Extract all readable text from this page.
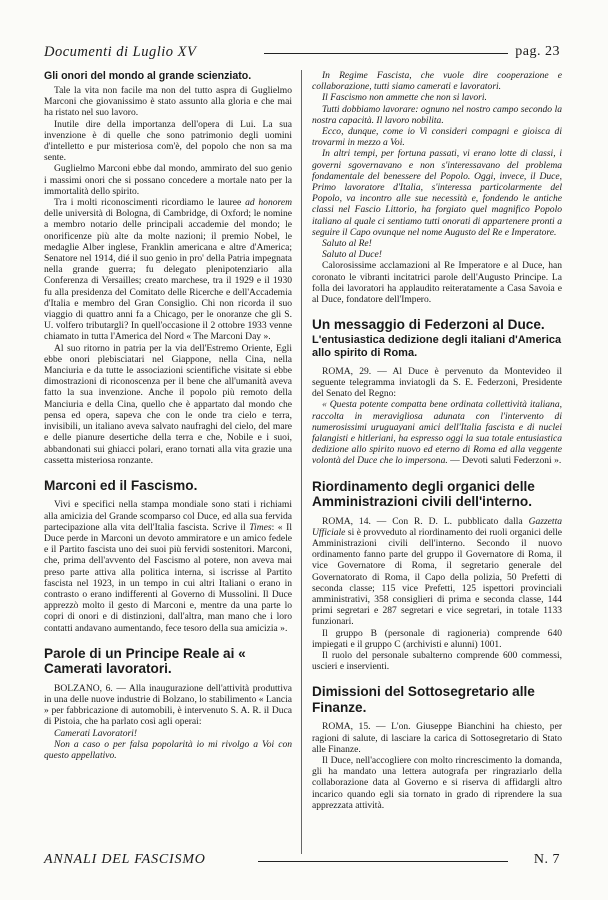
Documenti di Luglio XV	pag. 23
Gli onori del mondo al grande scienziato.

Tale la vita non facile ma non del tutto aspra di Guglielmo Marconi che giovanissimo è stato assunto alla gloria e che mai ha ristato nel suo lavoro.

Inutile dire della importanza dell'opera di Lui. La sua invenzione è di quelle che sono patrimonio degli uomini d'intelletto e pur misteriosa com'è, del popolo che non sa ma sente.

Guglielmo Marconi ebbe dal mondo, ammirato del suo genio i massimi onori che si possano concedere a mortale nato per la immortalità dello spirito.

Tra i molti riconoscimenti ricordiamo le lauree ad honorem delle università di Bologna, di Cambridge, di Oxford; le nomine a membro notario delle principali accademie del mondo; le onorificenze più alte da molte nazioni; il premio Nobel, le medaglie Alber inglese, Franklin americana e altre d'America; Senatore nel 1914, dié il suo genio in pro' della Patria impegnata nella grande guerra; fu delegato plenipotenziario alla Conferenza di Versailles; creato marchese, tra il 1929 e il 1930 fu alla presidenza del Comitato delle Ricerche e dell'Accademia d'Italia e membro del Gran Consiglio. Chi non ricorda il suo viaggio di quattro anni fa a Chicago, per le onoranze che gli S. U. volfero tributargli? In quell'occasione il 2 ottobre 1933 venne chiamato in tutta l'America del Nord « The Marconi Day ».

Al suo ritorno in patria per la via dell'Estremo Oriente, Egli ebbe onori plebisciatari nel Giappone, nella Cina, nella Manciuria e da tutte le associazioni scientifiche visitate si ebbe dimostrazioni di riconoscenza per il bene che all'umanità aveva fatto la sua invenzione. Anche il popolo più remoto della Manciuria e della Cina, quello che è appartato dal mondo che pensa ed opera, sapeva che con le onde tra cielo e terra, invisibili, un italiano aveva salvato naufraghi del cielo, del mare e delle pianure desertiche della terra e che, Nobile e i suoi, abbandonati sui ghiacci polari, erano tornati alla vita grazie una cassetta misteriosa ronzante.

Marconi ed il Fascismo.

Vivi e specifici nella stampa mondiale sono stati i richiami alla amicizia del Grande scomparso col Duce, ed alla sua fervida partecipazione alla vita dell'Italia fascista. Scrive il Times: « Il Duce perde in Marconi un devoto ammiratore e un amico fedele e il Partito fascista uno dei suoi più fervidi sostenitori. Marconi, che, prima dell'avvento del Fascismo al potere, non aveva mai preso parte attiva alla politica interna, si iscrisse al Partito fascista nel 1923, in un tempo in cui altri Italiani o erano in contrasto o erano indifferenti al Governo di Mussolini. Il Duce apprezzò molto il gesto di Marconi e, mentre da una parte lo copri di onori e di distinzioni, dall'altra, man mano che i loro contatti andavano aumentando, fece tesoro della sua amicizia ».

Parole di un Principe Reale ai « Camerati lavoratori.

BOLZANO, 6. — Alla inaugurazione dell'attività produttiva in una delle nuove industrie di Bolzano, lo stabilimento « Lancia » per fabbricazione di automobili, è intervenuto S. A. R. il Duca di Pistoia, che ha parlato così agli operai:

Camerati Lavoratori!

Non a caso o per falsa popolarità io mi rivolgo a Voi con questo appellativo.

In Regime Fascista, che vuole dire cooperazione e collaborazione, tutti siamo camerati e lavoratori.

Il Fascismo non ammette che non si lavori.

Tutti dobbiamo lavorare: ognuno nel nostro campo secondo la nostra capacità. Il lavoro nobilita.

Ecco, dunque, come io Vi consideri compagni e gioisca di trovarmi in mezzo a Voi.

In altri tempi, per fortuna passati, vi erano lotte di classi, i governi sgovernavano e non s'interessavano del problema fondamentale del benessere del Popolo. Oggi, invece, il Duce, Primo lavoratore d'Italia, s'interessa particolarmente del Popolo, va incontro alle sue necessità e, fondendo le antiche classi nel Fascio Littorio, ha forgiato quel magnifico Popolo italiano al quale ci sentiamo tutti onorati di appartenere pronti a seguire il Capo ovunque nel nome Augusto del Re e Imperatore.

Saluto al Re!

Saluto al Duce!

Calorosissime acclamazioni al Re Imperatore e al Duce, han coronato le vibranti incitatrici parole dell'Augusto Principe. La folla dei lavoratori ha applaudito reiteratamente a Casa Savoia e al Duce, fondatore dell'Impero.

Un messaggio di Federzoni al Duce.
L'entusiastica dedizione degli italiani d'America allo spirito di Roma.

ROMA, 29. — Al Duce è pervenuto da Montevideo il seguente telegramma inviatogli da S. E. Federzoni, Presidente del Senato del Regno:

« Questa potente compatta bene ordinata collettività italiana, raccolta in meravigliosa adunata con l'intervento di numerosissimi uruguayani amici dell'Italia fascista e di nuclei falangisti e hitleriani, ha espresso oggi la sua totale entusiastica dedizione allo spirito nuovo ed eterno di Roma ed alla veggente volontà del Duce che lo impersona. — Devoti saluti Federzoni ».

Riordinamento degli organici delle Amministrazioni civili dell'interno.

ROMA, 14. — Con R. D. L. pubblicato dalla Gazzetta Ufficiale si è provveduto al riordinamento dei ruoli organici delle Amministrazioni civili dell'interno. Secondo il nuovo ordinamento fanno parte del gruppo il Governatore di Roma, il vice Governatore di Roma, il segretario generale del Governatorato di Roma, il Capo della polizia, 50 Prefetti di seconda classe; 115 vice Prefetti, 125 ispettori provinciali amministrativi, 358 consiglieri di prima e seconda classe, 144 primi segretari e 287 segretari e vice segretari, in totale 1133 funzionari.

Il gruppo B (personale di ragioneria) comprende 640 impiegati e il gruppo C (archivisti e alunni) 1001.

Il ruolo del personale subalterno comprende 600 commessi, uscieri e inservienti.

Dimissioni del Sottosegretario alle Finanze.

ROMA, 15. — L'on. Giuseppe Bianchini ha chiesto, per ragioni di salute, di lasciare la carica di Sottosegretario di Stato alle Finanze.

Il Duce, nell'accogliere con molto rincrescimento la domanda, gli ha mandato una lettera autografa per ringraziarlo della collaborazione data al Governo e si riserva di affidargli altro incarico quando egli sia tornato in grado di riprendere la sua apprezzata attività.

ANNALI DEL FASCISMO	N. 7
